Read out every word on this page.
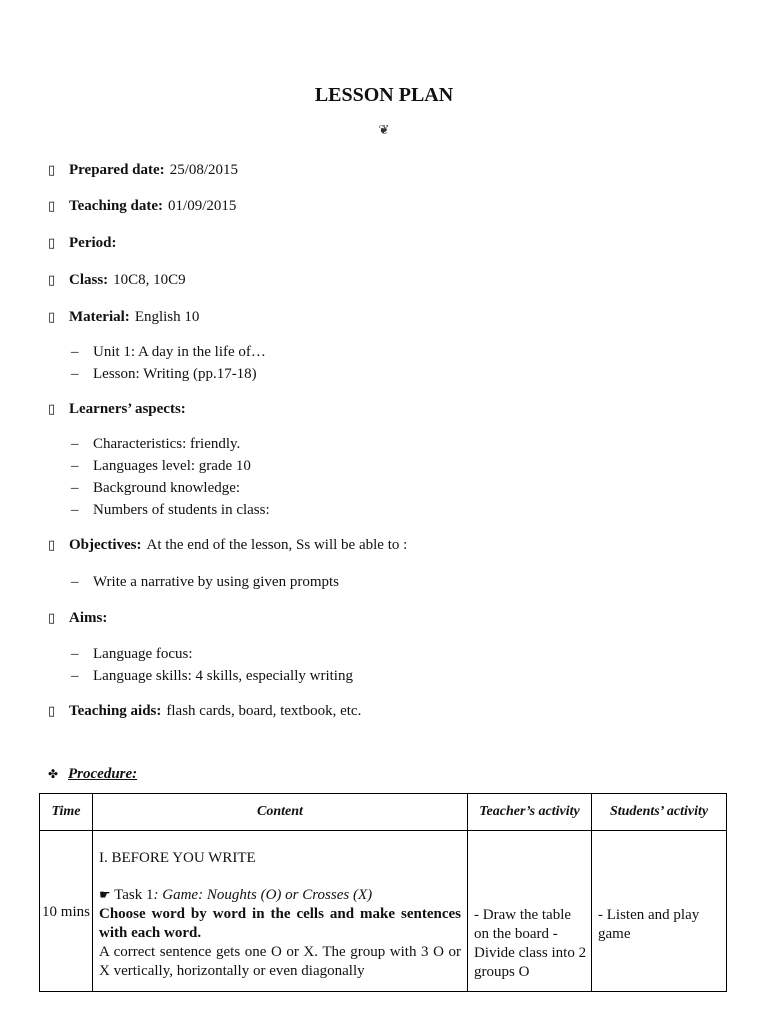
LESSON PLAN
❦
▯ Prepared date: 25/08/2015
▯ Teaching date: 01/09/2015
▯ Period:
▯ Class: 10C8, 10C9
▯ Material: English 10
– Unit 1: A day in the life of…
– Lesson: Writing (pp.17-18)
▯ Learners’ aspects:
– Characteristics: friendly.
– Languages level: grade 10
– Background knowledge:
– Numbers of students in class:
▯ Objectives: At the end of the lesson, Ss will be able to :
– Write a narrative by using given prompts
▯ Aims:
– Language focus:
– Language skills: 4 skills, especially writing
▯ Teaching aids: flash cards, board, textbook, etc.
✤ Procedure:
Time	Content	Teacher’s activity	Students’ activity
10 mins	I. BEFORE YOU WRITE
☛ Task 1: Game: Noughts (O) or Crosses (X)
Choose word by word in the cells and make sentences with each word.
A correct sentence gets one O or X. The group with 3 O or X vertically, horizontally or even diagonally	- Draw the table on the board - Divide class into 2 groups O	- Listen and play game
